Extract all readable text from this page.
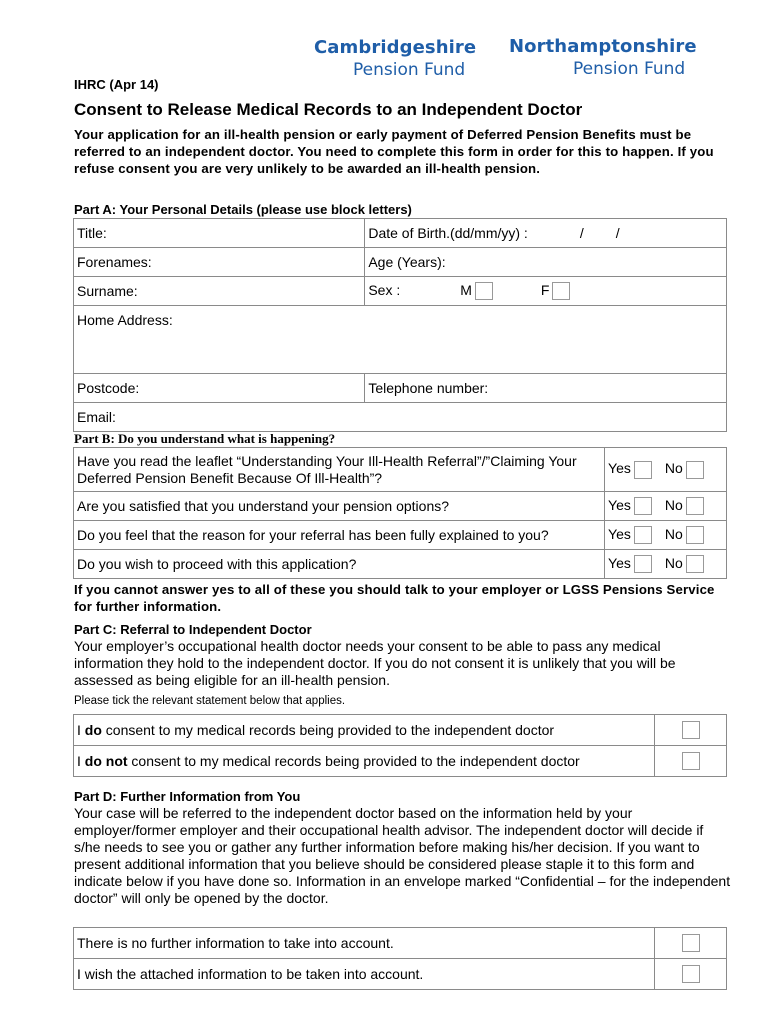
Cambridgeshire
Pension Fund
Northamptonshire
Pension Fund
IHRC (Apr 14)
Consent to Release Medical Records to an Independent Doctor
Your application for an ill-health pension or early payment of Deferred Pension Benefits must be referred to an independent doctor. You need to complete this form in order for this to happen. If you refuse consent you are very unlikely to be awarded an ill-health pension.
Part A: Your Personal Details (please use block letters)
Title:	Date of Birth.(dd/mm/yy) : / /
Forenames:	Age (Years):
Surname:	Sex : M F
Home Address:	
Postcode:	Telephone number:
Email:	
Part B: Do you understand what is happening?
Have you read the leaflet “Understanding Your Ill-Health Referral”/”Claiming Your Deferred Pension Benefit Because Of Ill-Health”?	Yes No
Are you satisfied that you understand your pension options?	Yes No
Do you feel that the reason for your referral has been fully explained to you?	Yes No
Do you wish to proceed with this application?	Yes No
If you cannot answer yes to all of these you should talk to your employer or LGSS Pensions Service for further information.
Part C: Referral to Independent Doctor
Your employer’s occupational health doctor needs your consent to be able to pass any medical information they hold to the independent doctor. If you do not consent it is unlikely that you will be assessed as being eligible for an ill-health pension.
Please tick the relevant statement below that applies.
I do consent to my medical records being provided to the independent doctor	
I do not consent to my medical records being provided to the independent doctor	
Part D: Further Information from You
Your case will be referred to the independent doctor based on the information held by your employer/former employer and their occupational health advisor. The independent doctor will decide if s/he needs to see you or gather any further information before making his/her decision. If you want to present additional information that you believe should be considered please staple it to this form and indicate below if you have done so. Information in an envelope marked “Confidential – for the independent doctor” will only be opened by the doctor.
There is no further information to take into account.	
I wish the attached information to be taken into account.	
